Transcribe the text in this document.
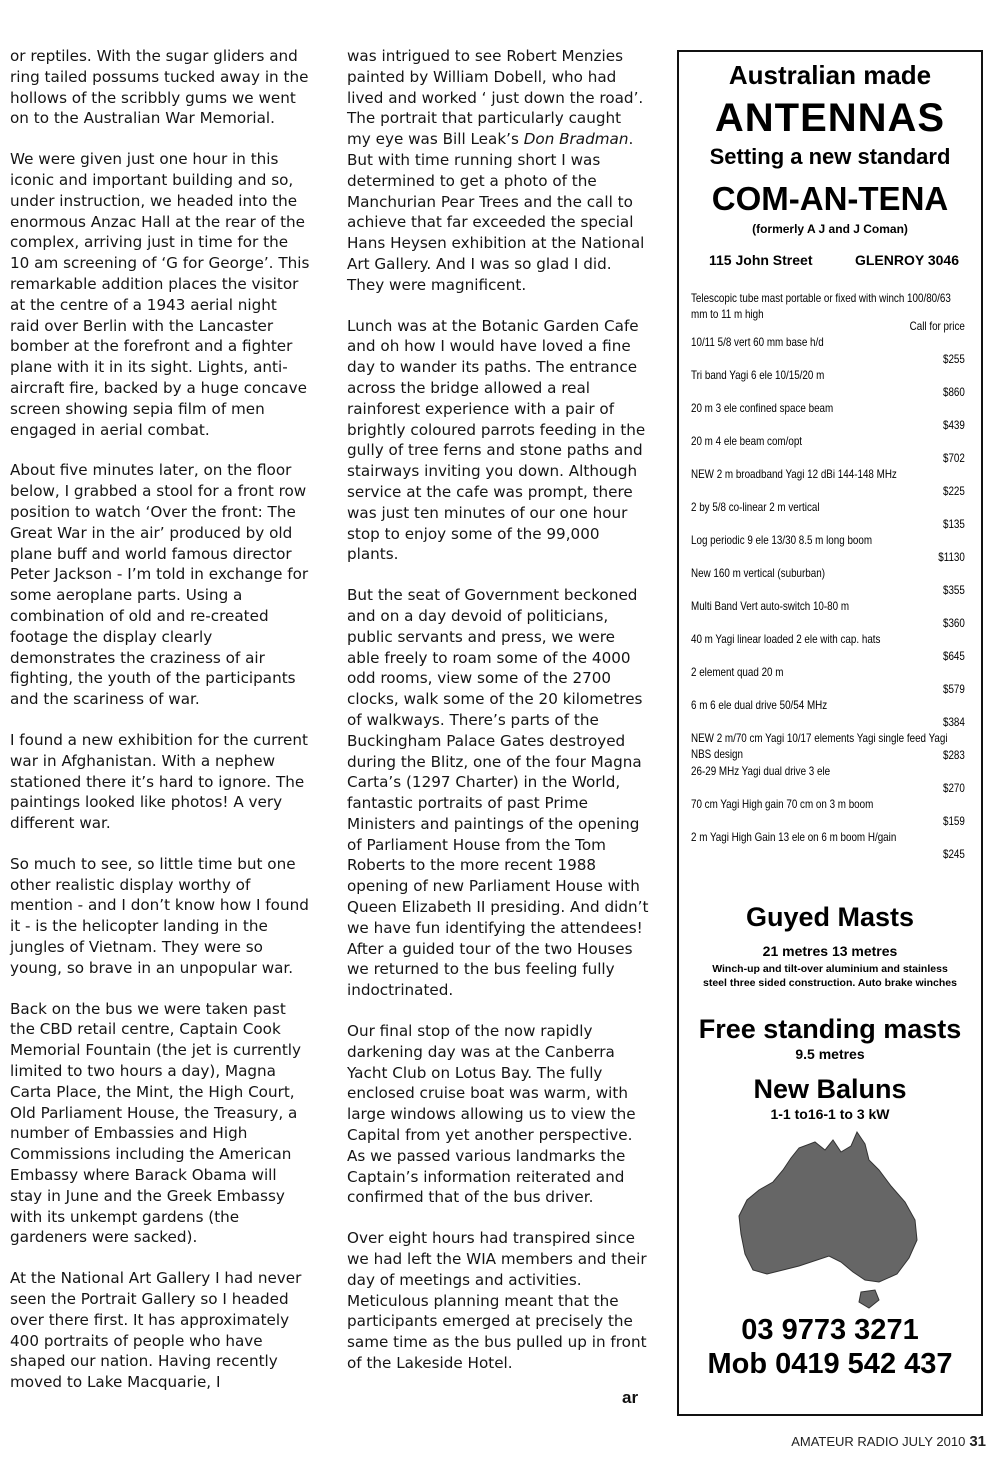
or reptiles. With the sugar gliders and ring tailed possums tucked away in the hollows of the scribbly gums we went on to the Australian War Memorial.

We were given just one hour in this iconic and important building and so, under instruction, we headed into the enormous Anzac Hall at the rear of the complex, arriving just in time for the 10 am screening of ‘G for George’. This remarkable addition places the visitor at the centre of a 1943 aerial night raid over Berlin with the Lancaster bomber at the forefront and a fighter plane with it in its sight. Lights, anti-aircraft fire, backed by a huge concave screen showing sepia film of men engaged in aerial combat.

About five minutes later, on the floor below, I grabbed a stool for a front row position to watch ‘Over the front: The Great War in the air’ produced by old plane buff and world famous director Peter Jackson - I’m told in exchange for some aeroplane parts. Using a combination of old and re-created footage the display clearly demonstrates the craziness of air fighting, the youth of the participants and the scariness of war.

I found a new exhibition for the current war in Afghanistan. With a nephew stationed there it’s hard to ignore. The paintings looked like photos! A very different war.

So much to see, so little time but one other realistic display worthy of mention - and I don’t know how I found it - is the helicopter landing in the jungles of Vietnam. They were so young, so brave in an unpopular war.

Back on the bus we were taken past the CBD retail centre, Captain Cook Memorial Fountain (the jet is currently limited to two hours a day), Magna Carta Place, the Mint, the High Court, Old Parliament House, the Treasury, a number of Embassies and High Commissions including the American Embassy where Barack Obama will stay in June and the Greek Embassy with its unkempt gardens (the gardeners were sacked).

At the National Art Gallery I had never seen the Portrait Gallery so I headed over there first. It has approximately 400 portraits of people who have shaped our nation. Having recently moved to Lake Macquarie, I

was intrigued to see Robert Menzies painted by William Dobell, who had lived and worked ‘ just down the road’. The portrait that particularly caught my eye was Bill Leak’s Don Bradman. But with time running short I was determined to get a photo of the Manchurian Pear Trees and the call to achieve that far exceeded the special Hans Heysen exhibition at the National Art Gallery. And I was so glad I did. They were magnificent.

Lunch was at the Botanic Garden Cafe and oh how I would have loved a fine day to wander its paths. The entrance across the bridge allowed a real rainforest experience with a pair of brightly coloured parrots feeding in the gully of tree ferns and stone paths and stairways inviting you down. Although service at the cafe was prompt, there was just ten minutes of our one hour stop to enjoy some of the 99,000 plants.

But the seat of Government beckoned and on a day devoid of politicians, public servants and press, we were able freely to roam some of the 4000 odd rooms, view some of the 2700 clocks, walk some of the 20 kilometres of walkways. There’s parts of the Buckingham Palace Gates destroyed during the Blitz, one of the four Magna Carta’s (1297 Charter) in the World, fantastic portraits of past Prime Ministers and paintings of the opening of Parliament House from the Tom Roberts to the more recent 1988 opening of new Parliament House with Queen Elizabeth II presiding. And didn’t we have fun identifying the attendees! After a guided tour of the two Houses we returned to the bus feeling fully indoctrinated.

Our final stop of the now rapidly darkening day was at the Canberra Yacht Club on Lotus Bay. The fully enclosed cruise boat was warm, with large windows allowing us to view the Capital from yet another perspective. As we passed various landmarks the Captain’s information reiterated and confirmed that of the bus driver.

Over eight hours had transpired since we had left the WIA members and their day of meetings and activities. Meticulous planning meant that the participants emerged at precisely the same time as the bus pulled up in front of the Lakeside Hotel.

ar
Australian made
ANTENNAS
Setting a new standard
COM-AN-TENA
(formerly A J and J Coman)
115 John Street	GLENROY 3046
Telescopic tube mast portable or fixed with winch 100/80/63 mm to 11 m high
Call for price
10/11 5/8 vert 60 mm base h/d
$255
Tri band Yagi 6 ele 10/15/20 m
$860
20 m 3 ele confined space beam
$439
20 m 4 ele beam com/opt
$702
NEW 2 m broadband Yagi 12 dBi 144-148 MHz
$225
2 by 5/8 co-linear 2 m vertical
$135
Log periodic 9 ele 13/30 8.5 m long boom
$1130
New 160 m vertical (suburban)
$355
Multi Band Vert auto-switch 10-80 m
$360
40 m Yagi linear loaded 2 ele with cap. hats
$645
2 element quad 20 m
$579
6 m 6 ele dual drive 50/54 MHz
$384
NEW 2 m/70 cm Yagi 10/17 elements Yagi single feed Yagi NBS design	$283
26-29 MHz Yagi dual drive 3 ele
$270
70 cm Yagi High gain 70 cm on 3 m boom
$159
2 m Yagi High Gain 13 ele on 6 m boom H/gain
$245
Guyed Masts
21 metres 13 metres
Winch-up and tilt-over aluminium and stainless steel three sided construction. Auto brake winches
Free standing masts
9.5 metres
New Baluns
1-1 to16-1 to 3 kW
03 9773 3271
Mob 0419 542 437
AMATEUR RADIO JULY 2010 31
